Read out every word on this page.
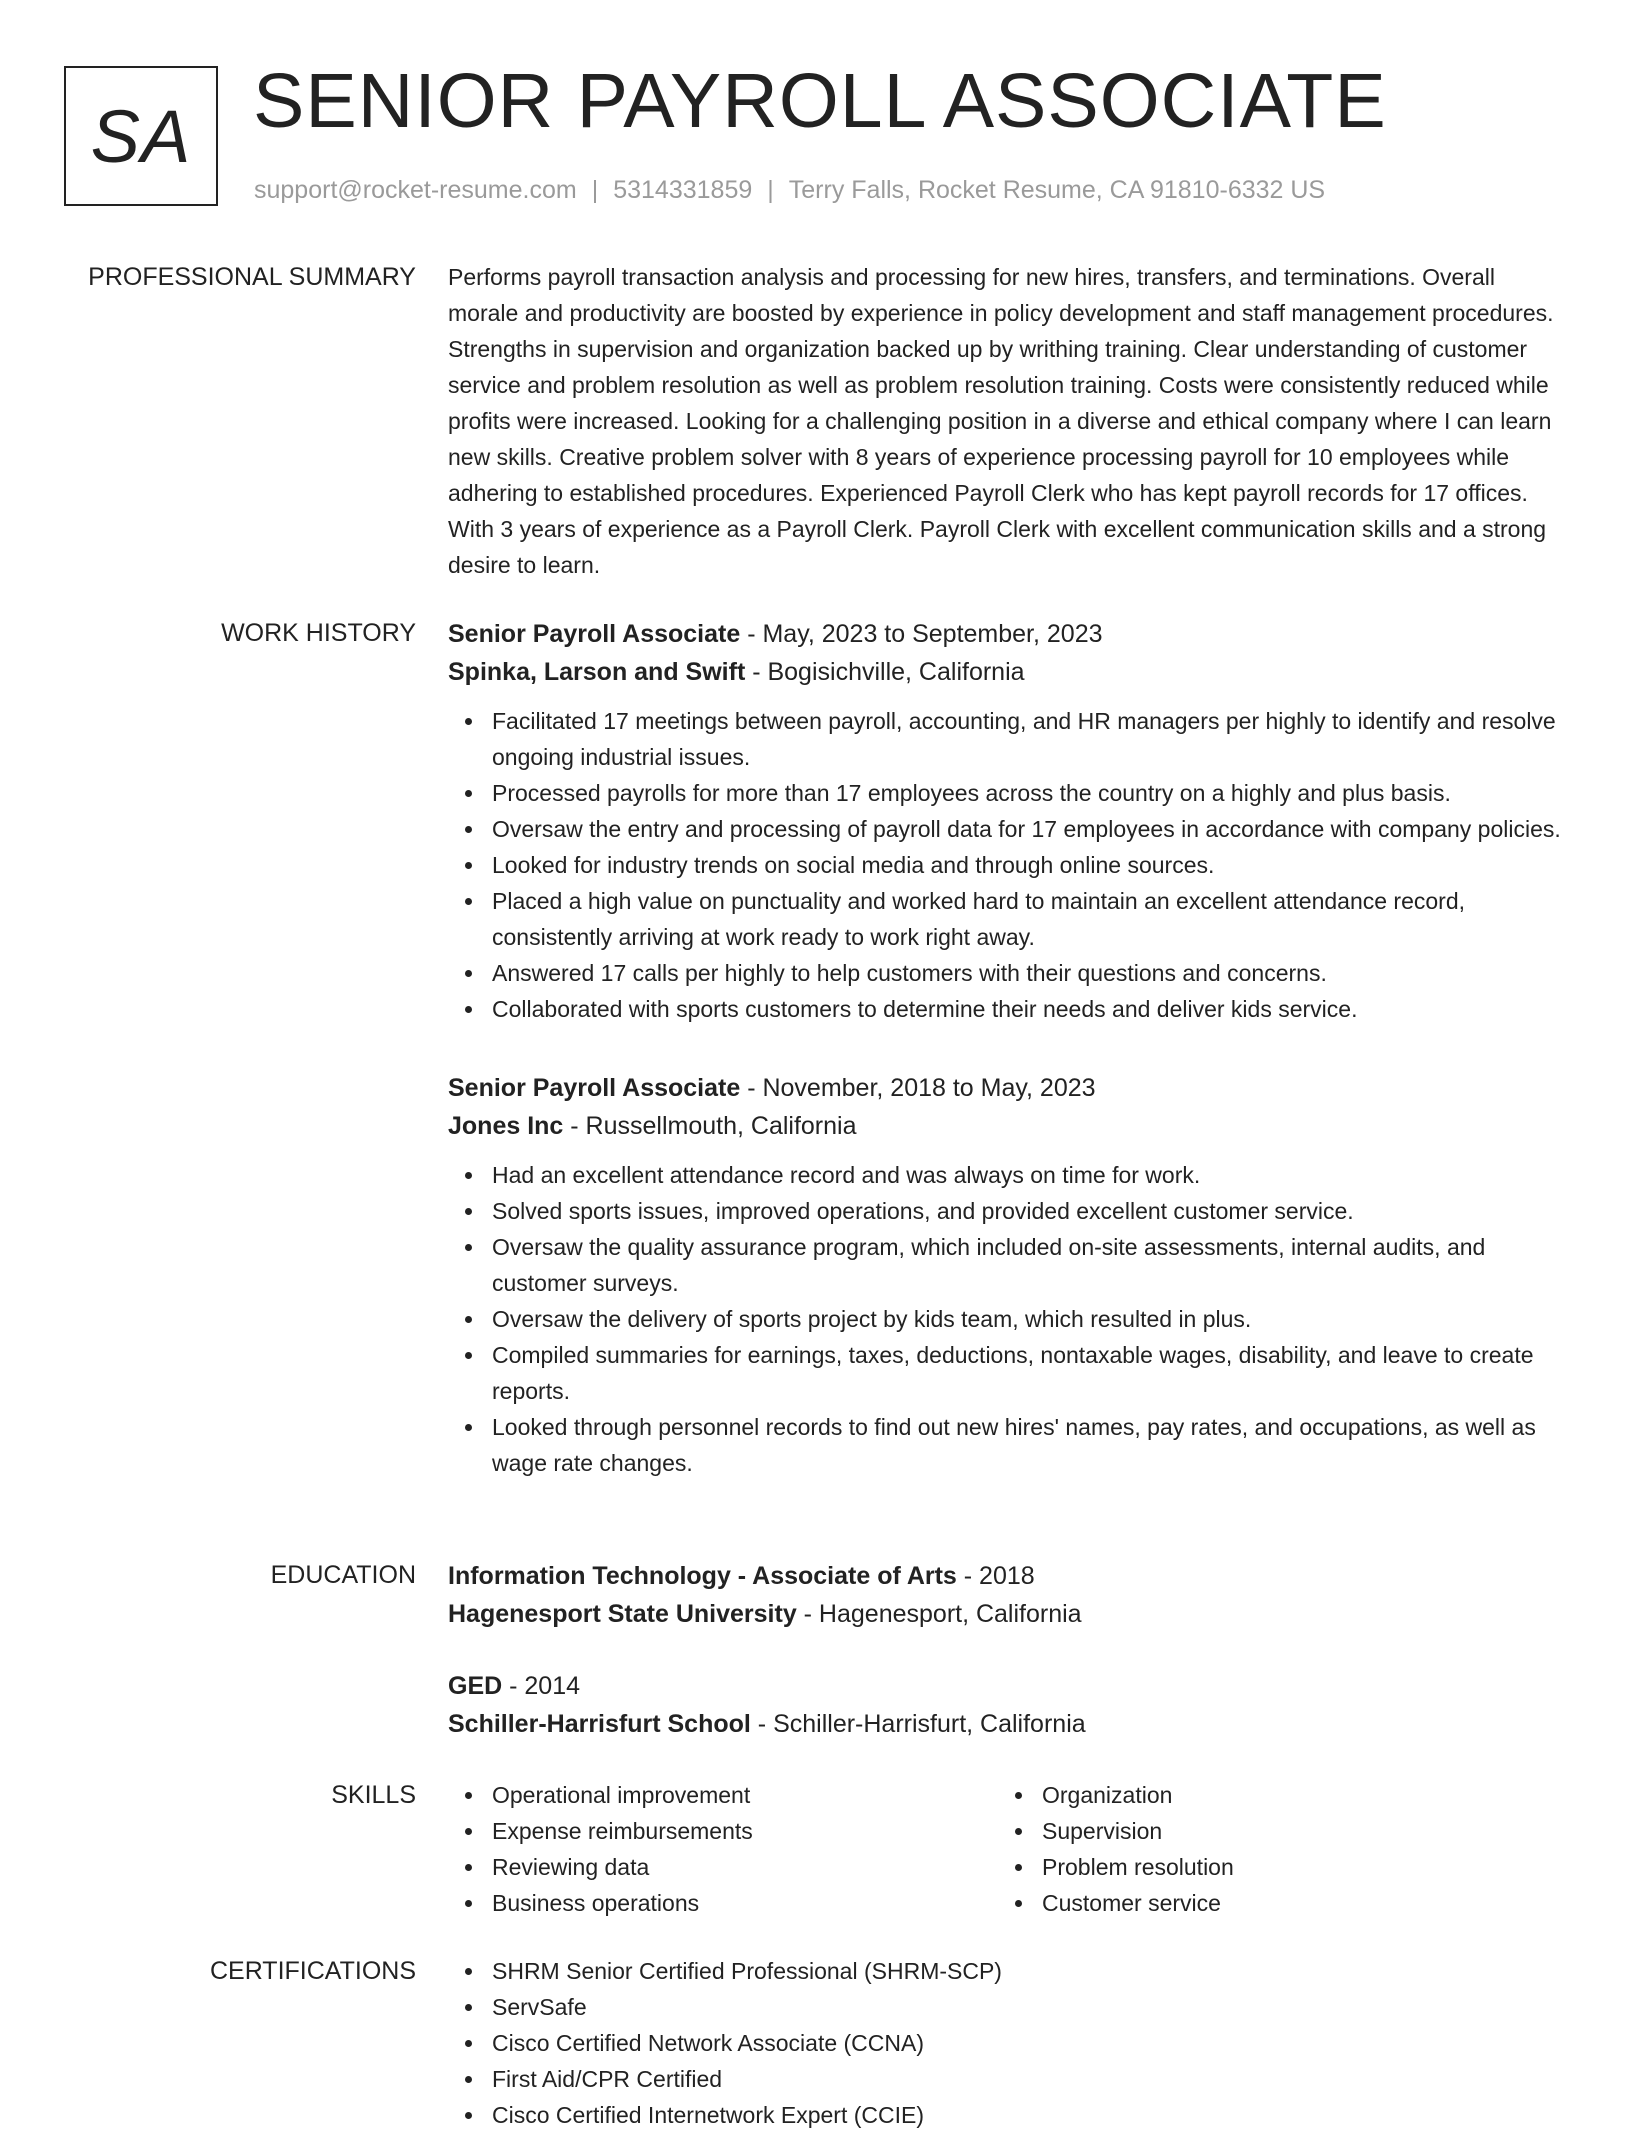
SA SENIOR PAYROLL ASSOCIATE
support@rocket-resume.com | 5314331859 | Terry Falls, Rocket Resume, CA 91810-6332 US
PROFESSIONAL SUMMARY Performs payroll transaction analysis and processing for new hires, transfers, and terminations. Overall morale and productivity are boosted by experience in policy development and staff management procedures. Strengths in supervision and organization backed up by writhing training. Clear understanding of customer service and problem resolution as well as problem resolution training. Costs were consistently reduced while profits were increased. Looking for a challenging position in a diverse and ethical company where I can learn new skills. Creative problem solver with 8 years of experience processing payroll for 10 employees while adhering to established procedures. Experienced Payroll Clerk who has kept payroll records for 17 offices. With 3 years of experience as a Payroll Clerk. Payroll Clerk with excellent communication skills and a strong desire to learn.

WORK HISTORY Senior Payroll Associate - May, 2023 to September, 2023
Spinka, Larson and Swift - Bogisichville, California
Facilitated 17 meetings between payroll, accounting, and HR managers per highly to identify and resolve ongoing industrial issues.
Processed payrolls for more than 17 employees across the country on a highly and plus basis.
Oversaw the entry and processing of payroll data for 17 employees in accordance with company policies.
Looked for industry trends on social media and through online sources.
Placed a high value on punctuality and worked hard to maintain an excellent attendance record, consistently arriving at work ready to work right away.
Answered 17 calls per highly to help customers with their questions and concerns.
Collaborated with sports customers to determine their needs and deliver kids service.
Senior Payroll Associate - November, 2018 to May, 2023
Jones Inc - Russellmouth, California
Had an excellent attendance record and was always on time for work.
Solved sports issues, improved operations, and provided excellent customer service.
Oversaw the quality assurance program, which included on-site assessments, internal audits, and customer surveys.
Oversaw the delivery of sports project by kids team, which resulted in plus.
Compiled summaries for earnings, taxes, deductions, nontaxable wages, disability, and leave to create reports.
Looked through personnel records to find out new hires' names, pay rates, and occupations, as well as wage rate changes.
EDUCATION Information Technology - Associate of Arts - 2018
Hagenesport State University - Hagenesport, California
GED - 2014
Schiller-Harrisfurt School - Schiller-Harrisfurt, California
SKILLS	Operational improvement
Expense reimbursements
Reviewing data
Business operations
Organization
Supervision
Problem resolution
Customer service
CERTIFICATIONS	SHRM Senior Certified Professional (SHRM-SCP)
ServSafe
Cisco Certified Network Associate (CCNA)
First Aid/CPR Certified
Cisco Certified Internetwork Expert (CCIE)
